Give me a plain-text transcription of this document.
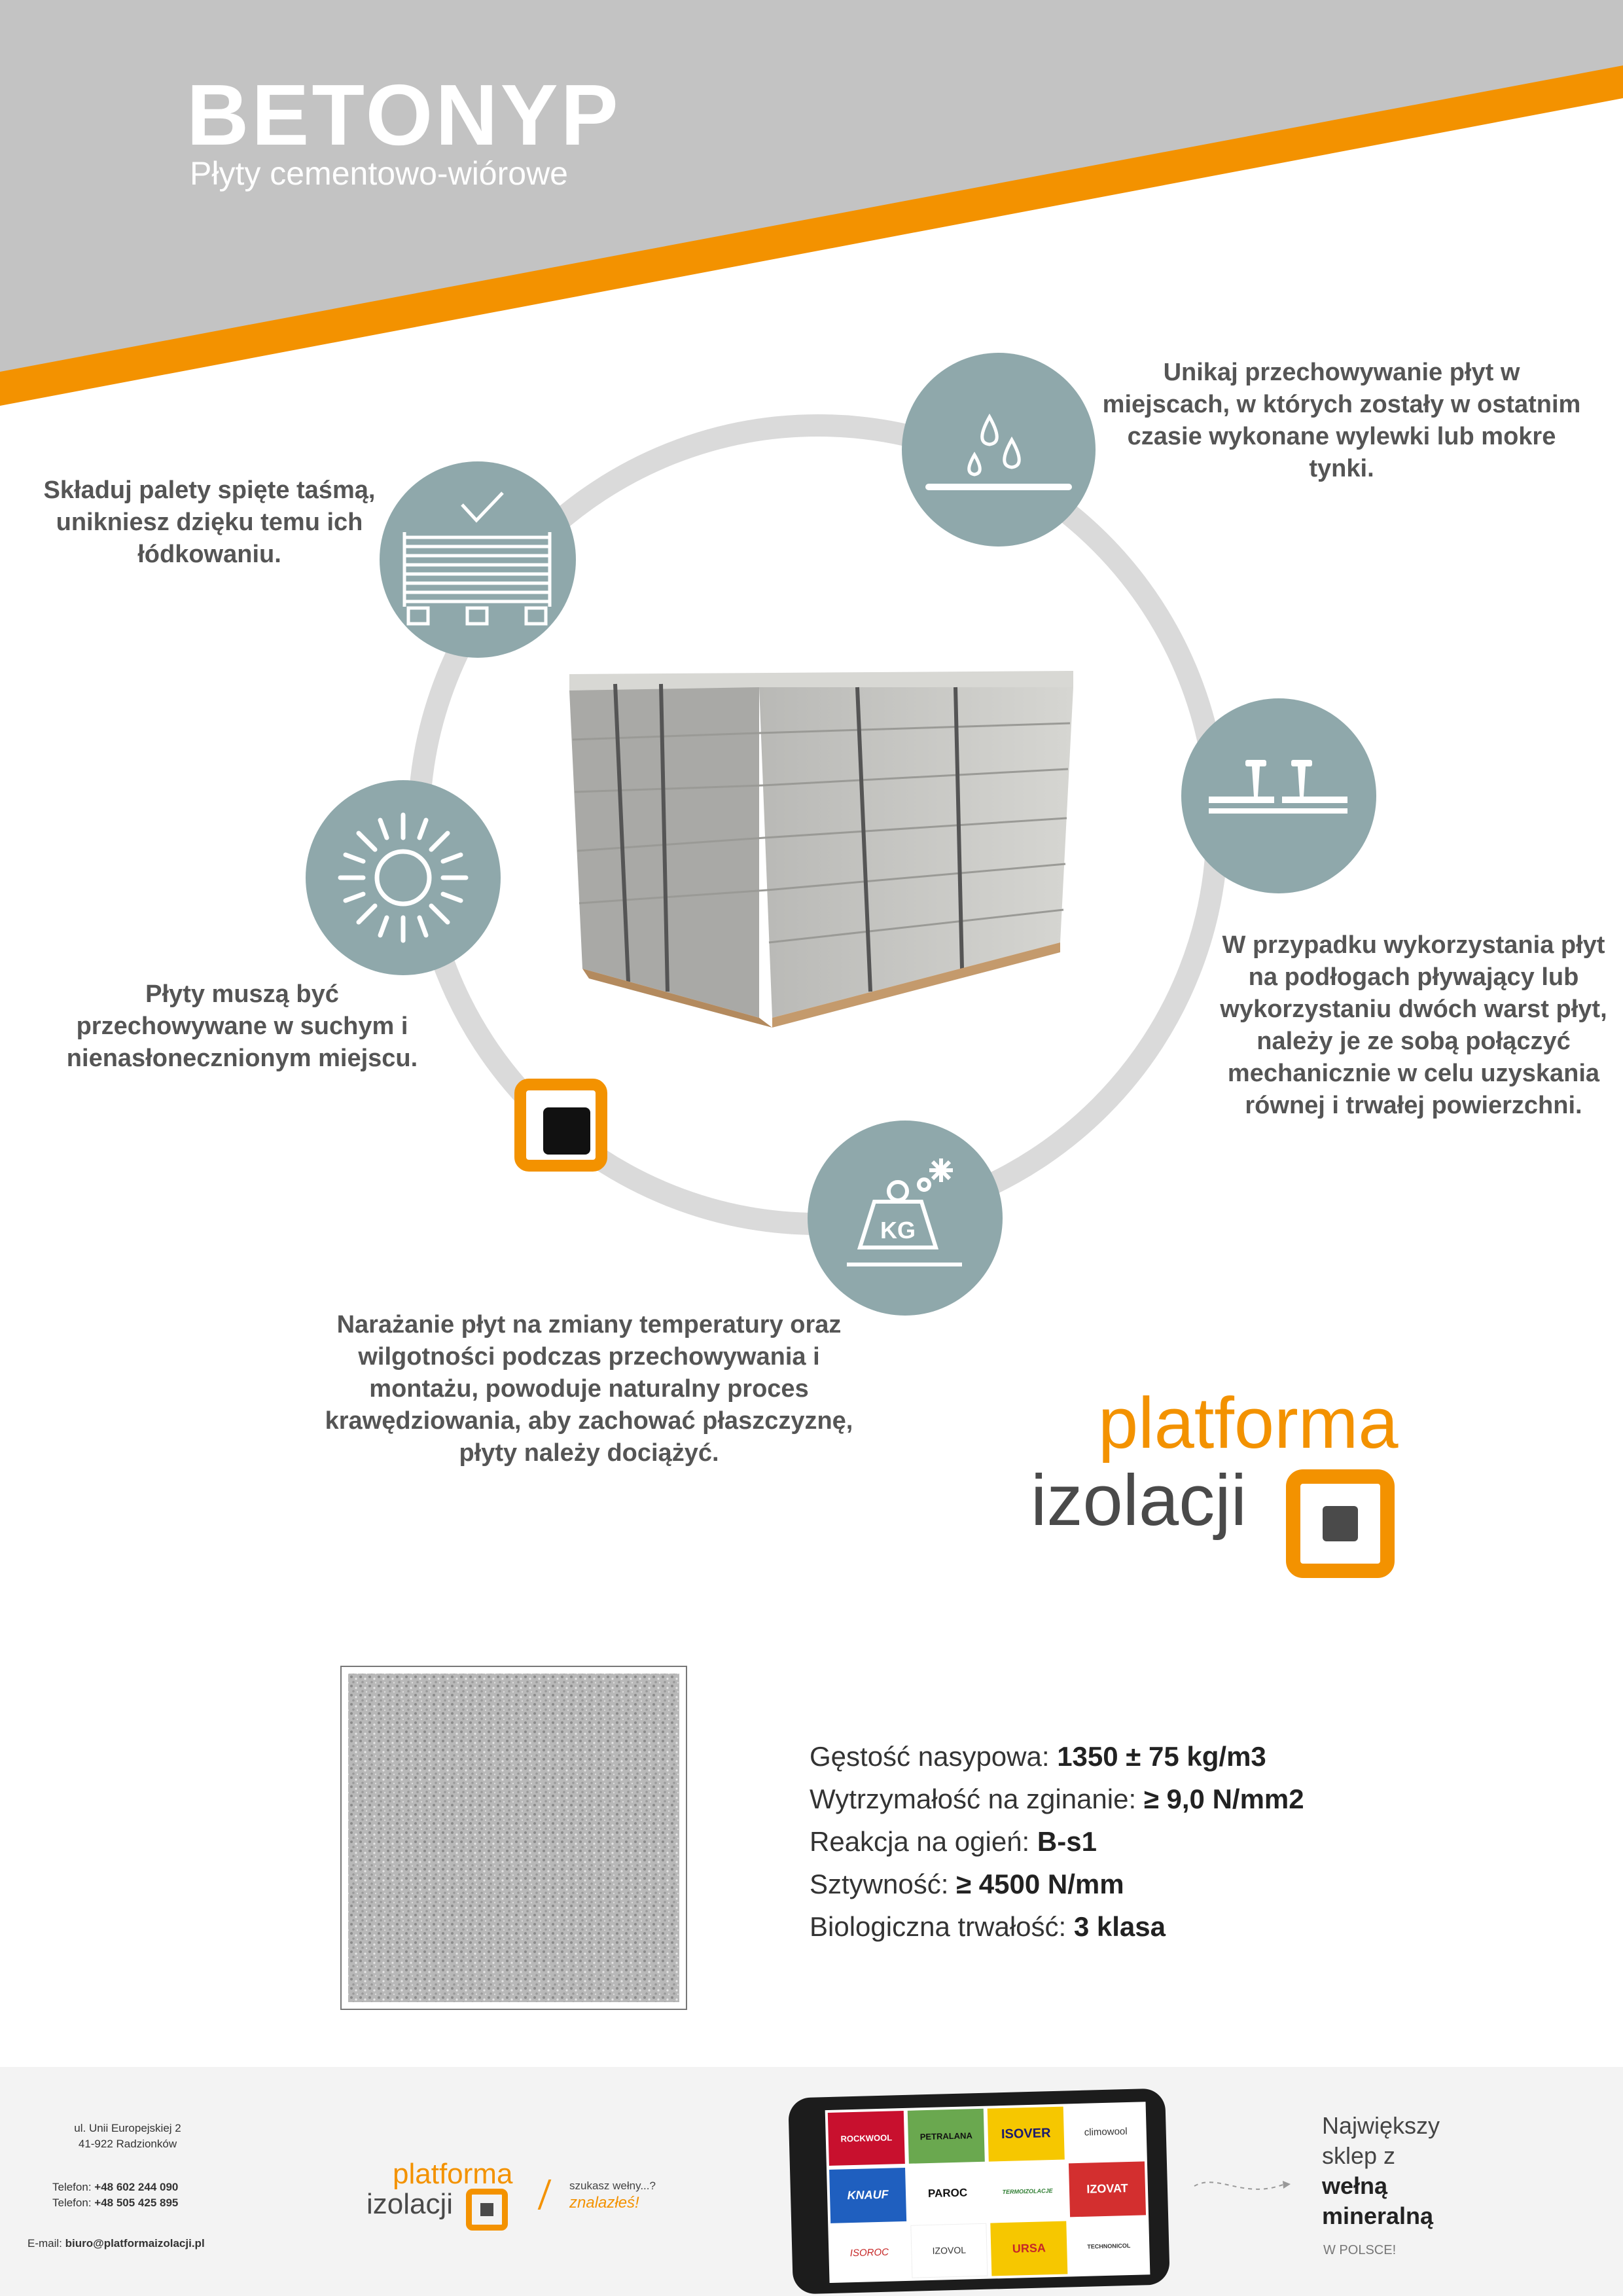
BETONYP
Płyty cementowo-wiórowe
KG
Składuj palety spięte taśmą, unikniesz dzięku temu ich łódkowaniu.
Unikaj przechowywanie płyt w miejscach, w których zostały w ostatnim czasie wykonane wylewki lub mokre tynki.
Płyty muszą być przechowywane w suchym i nienasłonecznionym miejscu.
W przypadku wykorzystania płyt na podłogach pływający lub wykorzystaniu dwóch warst płyt, należy je ze sobą połączyć mechanicznie w celu uzyskania równej i trwałej powierzchni.
Narażanie płyt na zmiany temperatury oraz wilgotności podczas przechowywania i montażu, powoduje naturalny proces krawędziowania, aby zachować płaszczyznę, płyty należy dociążyć.	platforma
izolacji
Gęstość nasypowa: 1350 ± 75 kg/m3
Wytrzymałość na zginanie: ≥ 9,0 N/mm2
Reakcja na ogień: B-s1
Sztywność: ≥ 4500 N/mm
Biologiczna trwałość: 3 klasa
ul. Unii Europejskiej 2
41-922 Radzionków
Telefon: +48 602 244 090
Telefon: +48 505 425 895
E-mail: biuro@platformaizolacji.pl
platforma
izolacji
szukasz wełny...?
znalazłeś!
ROCKWOOL	PETRALANA	ISOVER	climowool
KNAUF	PAROC	TERMOIZOLACJE	IZOVAT
ISOROC	IZOVOL	URSA	TECHNONICOL
Największy
sklep z
wełną
mineralną
W POLSCE!
